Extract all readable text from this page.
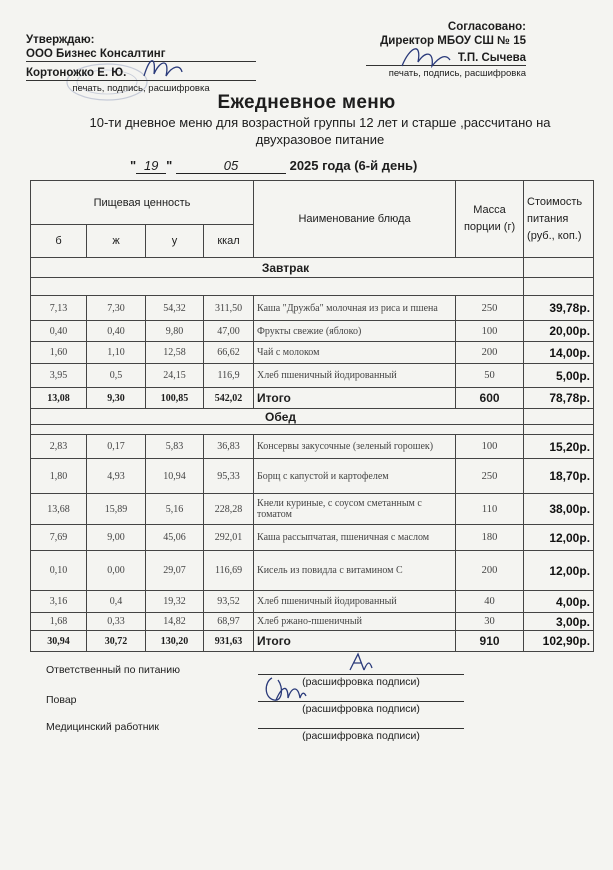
Утверждаю:
ООО Бизнес Консалтинг
Кортоножко Е. Ю.
печать, подпись, расшифровка
Согласовано:
Директор МБОУ СШ № 15
Т.П. Сычева
печать, подпись, расшифровка
Ежедневное меню
10-ти дневное меню для возрастной группы 12 лет и старше ,рассчитано на двухразовое питание
" 19 "	05	2025 года (6-й день)
Пищевая ценность				Наименование блюда	Масса порции (г)	Стоимость питания (руб., коп.)
б	ж	у	ккал			
Завтрак						

7,13	7,30	54,32	311,50	Каша "Дружба" молочная из риса и пшена	250	39,78р.
0,40	0,40	9,80	47,00	Фрукты свежие (яблоко)	100	20,00р.
1,60	1,10	12,58	66,62	Чай с молоком	200	14,00р.
3,95	0,5	24,15	116,9	Хлеб пшеничный йодированный	50	5,00р.
13,08	9,30	100,85	542,02	Итого	600	78,78р.
Обед						

2,83	0,17	5,83	36,83	Консервы закусочные (зеленый горошек)	100	15,20р.
1,80	4,93	10,94	95,33	Борщ с капустой и картофелем	250	18,70р.
13,68	15,89	5,16	228,28	Кнели куриные, с соусом сметанным с томатом	110	38,00р.
7,69	9,00	45,06	292,01	Каша рассыпчатая, пшеничная с маслом	180	12,00р.
0,10	0,00	29,07	116,69	Кисель из повидла с витамином С	200	12,00р.
3,16	0,4	19,32	93,52	Хлеб пшеничный йодированный	40	4,00р.
1,68	0,33	14,82	68,97	Хлеб ржано-пшеничный	30	3,00р.
30,94	30,72	130,20	931,63	Итого	910	102,90р.
Ответственный по питанию
(расшифровка подписи)
Повар
(расшифровка подписи)
Медицинский работник
(расшифровка подписи)
